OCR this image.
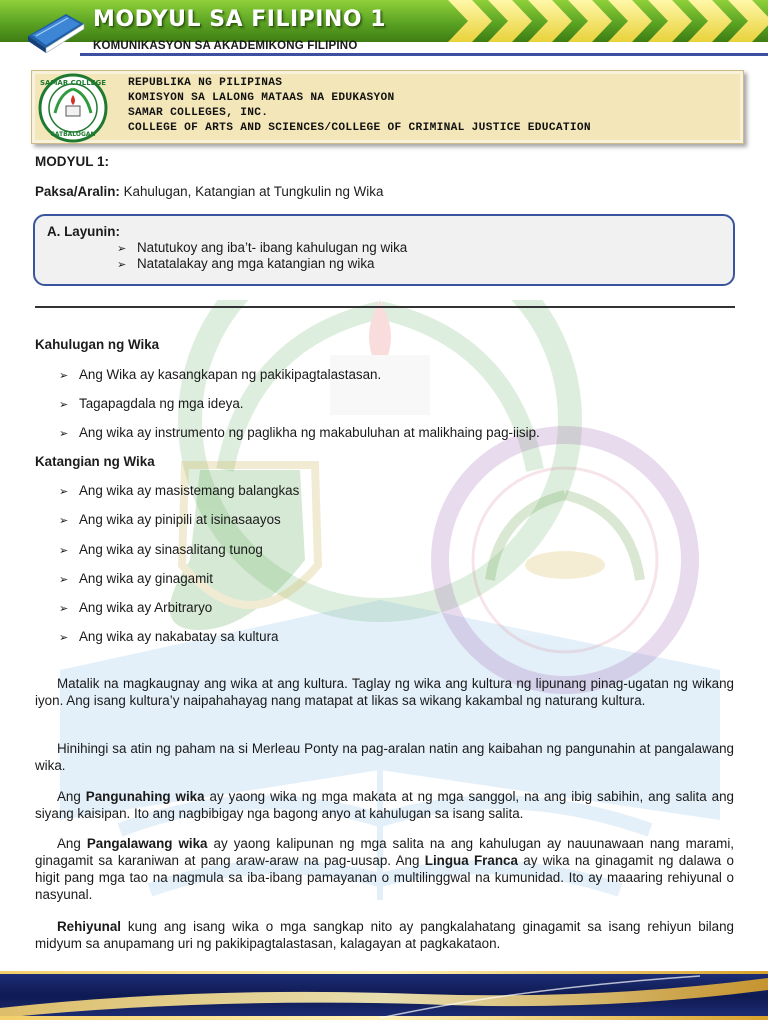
MODYUL SA FILIPINO 1
KOMUNIKASYON SA AKADEMIKONG FILIPINO
SAMAR COLLEGE
CATBALOGAN
REPUBLIKA NG PILIPINAS
KOMISYON SA LALONG MATAAS NA EDUKASYON
SAMAR COLLEGES, INC.
COLLEGE OF ARTS AND SCIENCES/COLLEGE OF CRIMINAL JUSTICE EDUCATION
MODYUL 1:
Paksa/Aralin: Kahulugan, Katangian at Tungkulin ng Wika
A. Layunin:
➢ Natutukoy ang iba’t- ibang kahulugan ng wika
➢ Natatalakay ang mga katangian ng wika
Kahulugan ng Wika
➢ Ang Wika ay kasangkapan ng pakikipagtalastasan.
➢ Tagapagdala ng mga ideya.
➢ Ang wika ay instrumento ng paglikha ng makabuluhan at malikhaing pag-iisip.
Katangian ng Wika
➢ Ang wika ay masistemang balangkas
➢ Ang wika ay pinipili at isinasaayos
➢ Ang wika ay sinasalitang tunog
➢ Ang wika ay ginagamit
➢ Ang wika ay Arbitraryo
➢ Ang wika ay nakabatay sa kultura
Matalik na magkaugnay ang wika at ang kultura. Taglay ng wika ang kultura ng lipunang pinag-ugatan ng wikang iyon. Ang isang kultura’y naipahahayag nang matapat at likas sa wikang kakambal ng naturang kultura.
Hinihingi sa atin ng paham na si Merleau Ponty na pag-aralan natin ang kaibahan ng pangunahin at pangalawang wika.
Ang Pangunahing wika ay yaong wika ng mga makata at ng mga sanggol, na ang ibig sabihin, ang salita ang siyang kaisipan. Ito ang nagbibigay nga bagong anyo at kahulugan sa isang salita.
Ang Pangalawang wika ay yaong kalipunan ng mga salita na ang kahulugan ay nauunawaan nang marami, ginagamit sa karaniwan at pang araw-araw na pag-uusap. Ang Lingua Franca ay wika na ginagamit ng dalawa o higit pang mga tao na nagmula sa iba-ibang pamayanan o multilinggwal na kumunidad. Ito ay maaaring rehiyunal o nasyunal.
Rehiyunal kung ang isang wika o mga sangkap nito ay pangkalahatang ginagamit sa isang rehiyun bilang midyum sa anupamang uri ng pakikipagtalastasan, kalagayan at pagkakataon.
